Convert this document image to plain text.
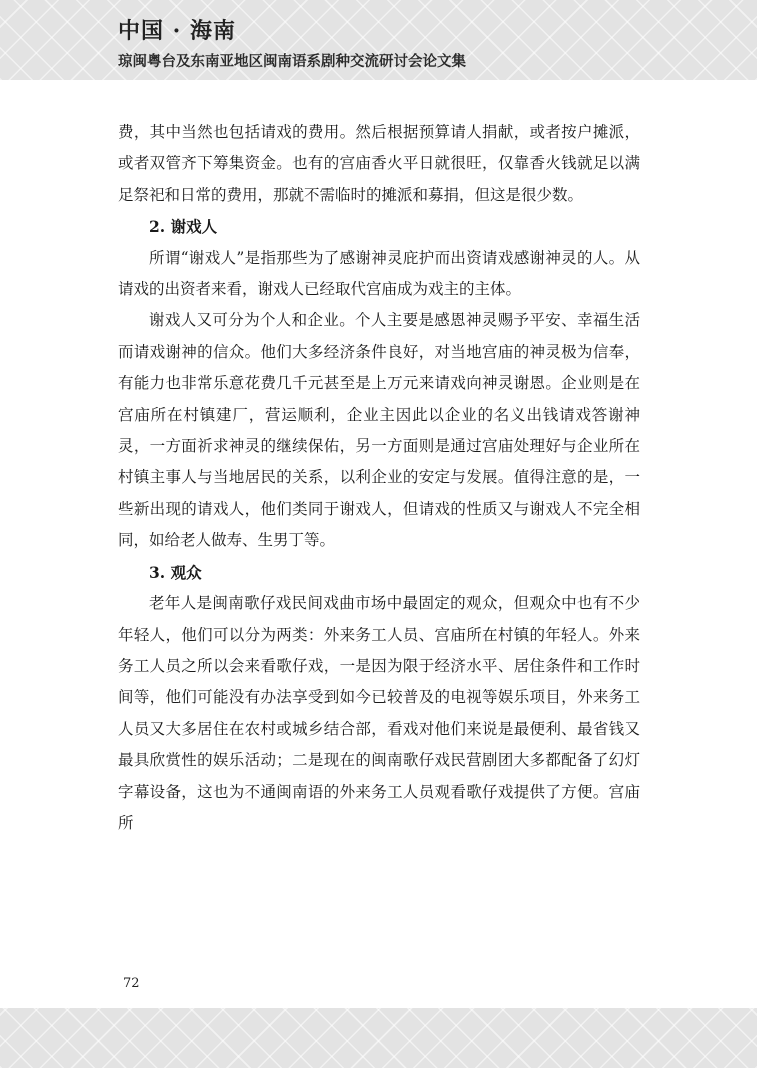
中国 · 海南
琼闽粤台及东南亚地区闽南语系剧种交流研讨会论文集

费，其中当然也包括请戏的费用。然后根据预算请人捐献，或者按户摊派，或者双管齐下筹集资金。也有的宫庙香火平日就很旺，仅靠香火钱就足以满足祭祀和日常的费用，那就不需临时的摊派和募捐，但这是很少数。

2. 谢戏人

所谓“谢戏人”是指那些为了感谢神灵庇护而出资请戏感谢神灵的人。从请戏的出资者来看，谢戏人已经取代宫庙成为戏主的主体。

谢戏人又可分为个人和企业。个人主要是感恩神灵赐予平安、幸福生活而请戏谢神的信众。他们大多经济条件良好，对当地宫庙的神灵极为信奉，有能力也非常乐意花费几千元甚至是上万元来请戏向神灵谢恩。企业则是在宫庙所在村镇建厂，营运顺利，企业主因此以企业的名义出钱请戏答谢神灵，一方面祈求神灵的继续保佑，另一方面则是通过宫庙处理好与企业所在村镇主事人与当地居民的关系，以利企业的安定与发展。值得注意的是，一些新出现的请戏人，他们类同于谢戏人，但请戏的性质又与谢戏人不完全相同，如给老人做寿、生男丁等。

3. 观众

老年人是闽南歌仔戏民间戏曲市场中最固定的观众，但观众中也有不少年轻人，他们可以分为两类：外来务工人员、宫庙所在村镇的年轻人。外来务工人员之所以会来看歌仔戏，一是因为限于经济水平、居住条件和工作时间等，他们可能没有办法享受到如今已较普及的电视等娱乐项目，外来务工人员又大多居住在农村或城乡结合部，看戏对他们来说是最便利、最省钱又最具欣赏性的娱乐活动；二是现在的闽南歌仔戏民营剧团大多都配备了幻灯字幕设备，这也为不通闽南语的外来务工人员观看歌仔戏提供了方便。宫庙所

72
